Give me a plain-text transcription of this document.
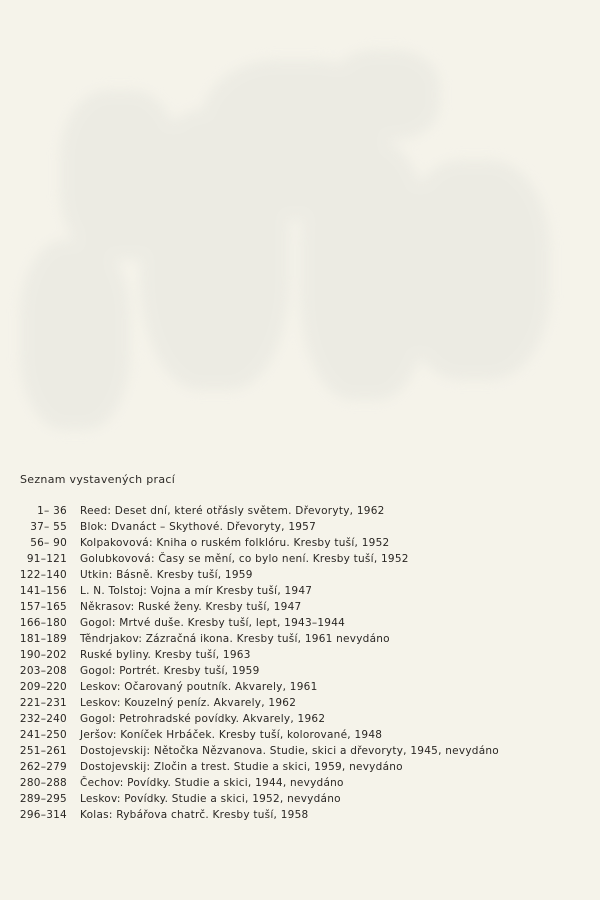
Seznam vystavených prací
1– 36 Reed: Deset dní, které otřásly světem. Dřevoryty, 1962
37– 55 Blok: Dvanáct – Skythové. Dřevoryty, 1957
56– 90 Kolpakovová: Kniha o ruském folklóru. Kresby tuší, 1952
91–121 Golubkovová: Časy se mění, co bylo není. Kresby tuší, 1952
122–140 Utkin: Básně. Kresby tuší, 1959
141–156 L. N. Tolstoj: Vojna a mír Kresby tuší, 1947
157–165 Někrasov: Ruské ženy. Kresby tuší, 1947
166–180 Gogol: Mrtvé duše. Kresby tuší, lept, 1943–1944
181–189 Těndrjakov: Zázračná ikona. Kresby tuší, 1961 nevydáno
190–202 Ruské byliny. Kresby tuší, 1963
203–208 Gogol: Portrét. Kresby tuší, 1959
209–220 Leskov: Očarovaný poutník. Akvarely, 1961
221–231 Leskov: Kouzelný peníz. Akvarely, 1962
232–240 Gogol: Petrohradské povídky. Akvarely, 1962
241–250 Jeršov: Koníček Hrbáček. Kresby tuší, kolorované, 1948
251–261 Dostojevskij: Nětočka Nězvanova. Studie, skici a dřevoryty, 1945, nevydáno
262–279 Dostojevskij: Zločin a trest. Studie a skici, 1959, nevydáno
280–288 Čechov: Povídky. Studie a skici, 1944, nevydáno
289–295 Leskov: Povídky. Studie a skici, 1952, nevydáno
296–314 Kolas: Rybářova chatrč. Kresby tuší, 1958
